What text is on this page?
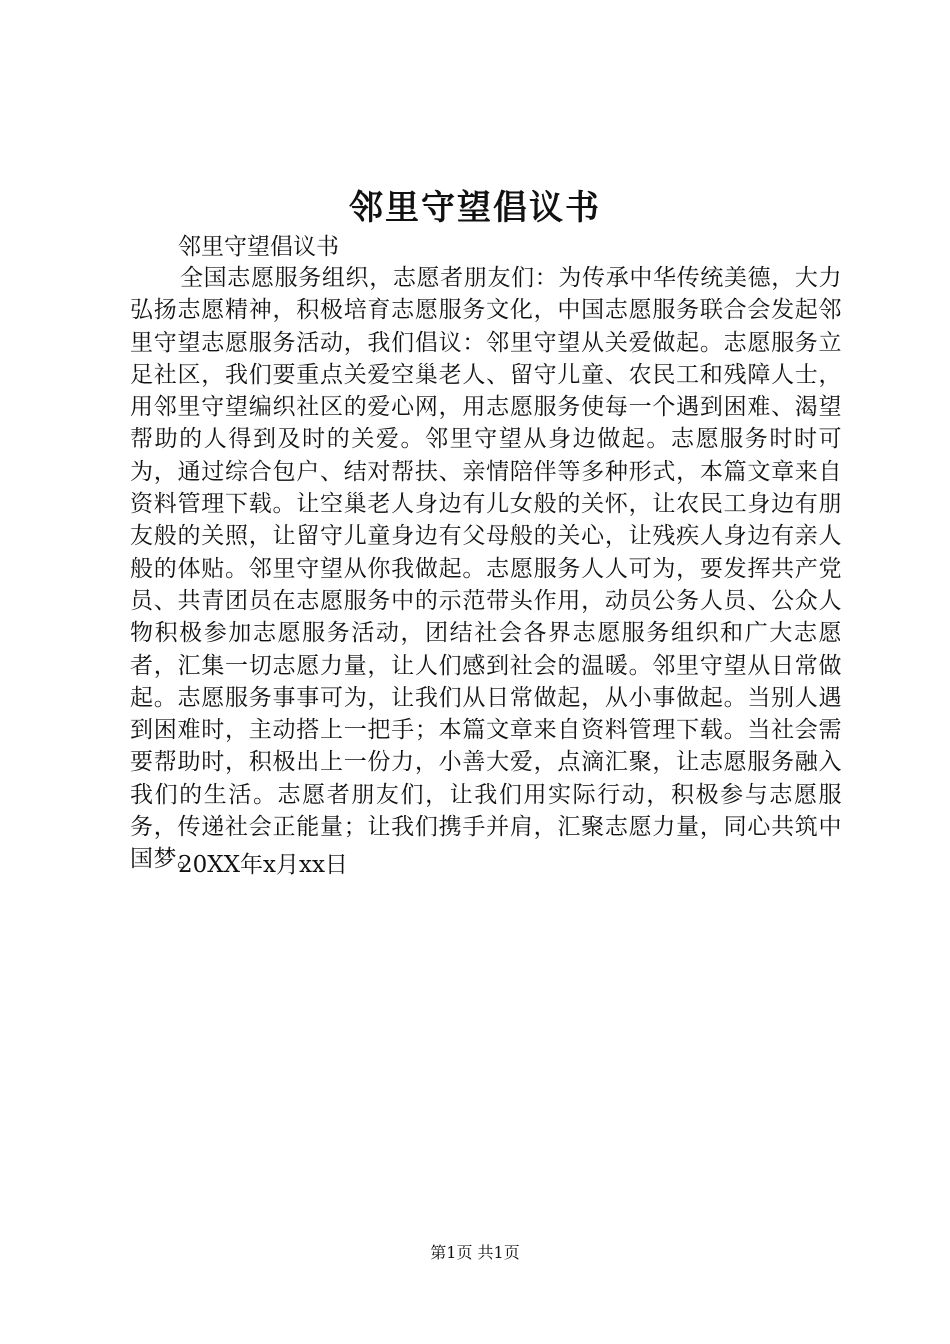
邻里守望倡议书

邻里守望倡议书

全国志愿服务组织，志愿者朋友们：为传承中华传统美德，大力弘扬志愿精神，积极培育志愿服务文化，中国志愿服务联合会发起邻里守望志愿服务活动，我们倡议：邻里守望从关爱做起。志愿服务立足社区，我们要重点关爱空巢老人、留守儿童、农民工和残障人士，用邻里守望编织社区的爱心网，用志愿服务使每一个遇到困难、渴望帮助的人得到及时的关爱。邻里守望从身边做起。志愿服务时时可为，通过综合包户、结对帮扶、亲情陪伴等多种形式，本篇文章来自资料管理下载。让空巢老人身边有儿女般的关怀，让农民工身边有朋友般的关照，让留守儿童身边有父母般的关心，让残疾人身边有亲人般的体贴。邻里守望从你我做起。志愿服务人人可为，要发挥共产党员、共青团员在志愿服务中的示范带头作用，动员公务人员、公众人物积极参加志愿服务活动，团结社会各界志愿服务组织和广大志愿者，汇集一切志愿力量，让人们感到社会的温暖。邻里守望从日常做起。志愿服务事事可为，让我们从日常做起，从小事做起。当别人遇到困难时，主动搭上一把手；本篇文章来自资料管理下载。当社会需要帮助时，积极出上一份力，小善大爱，点滴汇聚，让志愿服务融入我们的生活。志愿者朋友们，让我们用实际行动，积极参与志愿服务，传递社会正能量；让我们携手并肩，汇聚志愿力量，同心共筑中国梦。

20XX年x月xx日

第1页 共1页
